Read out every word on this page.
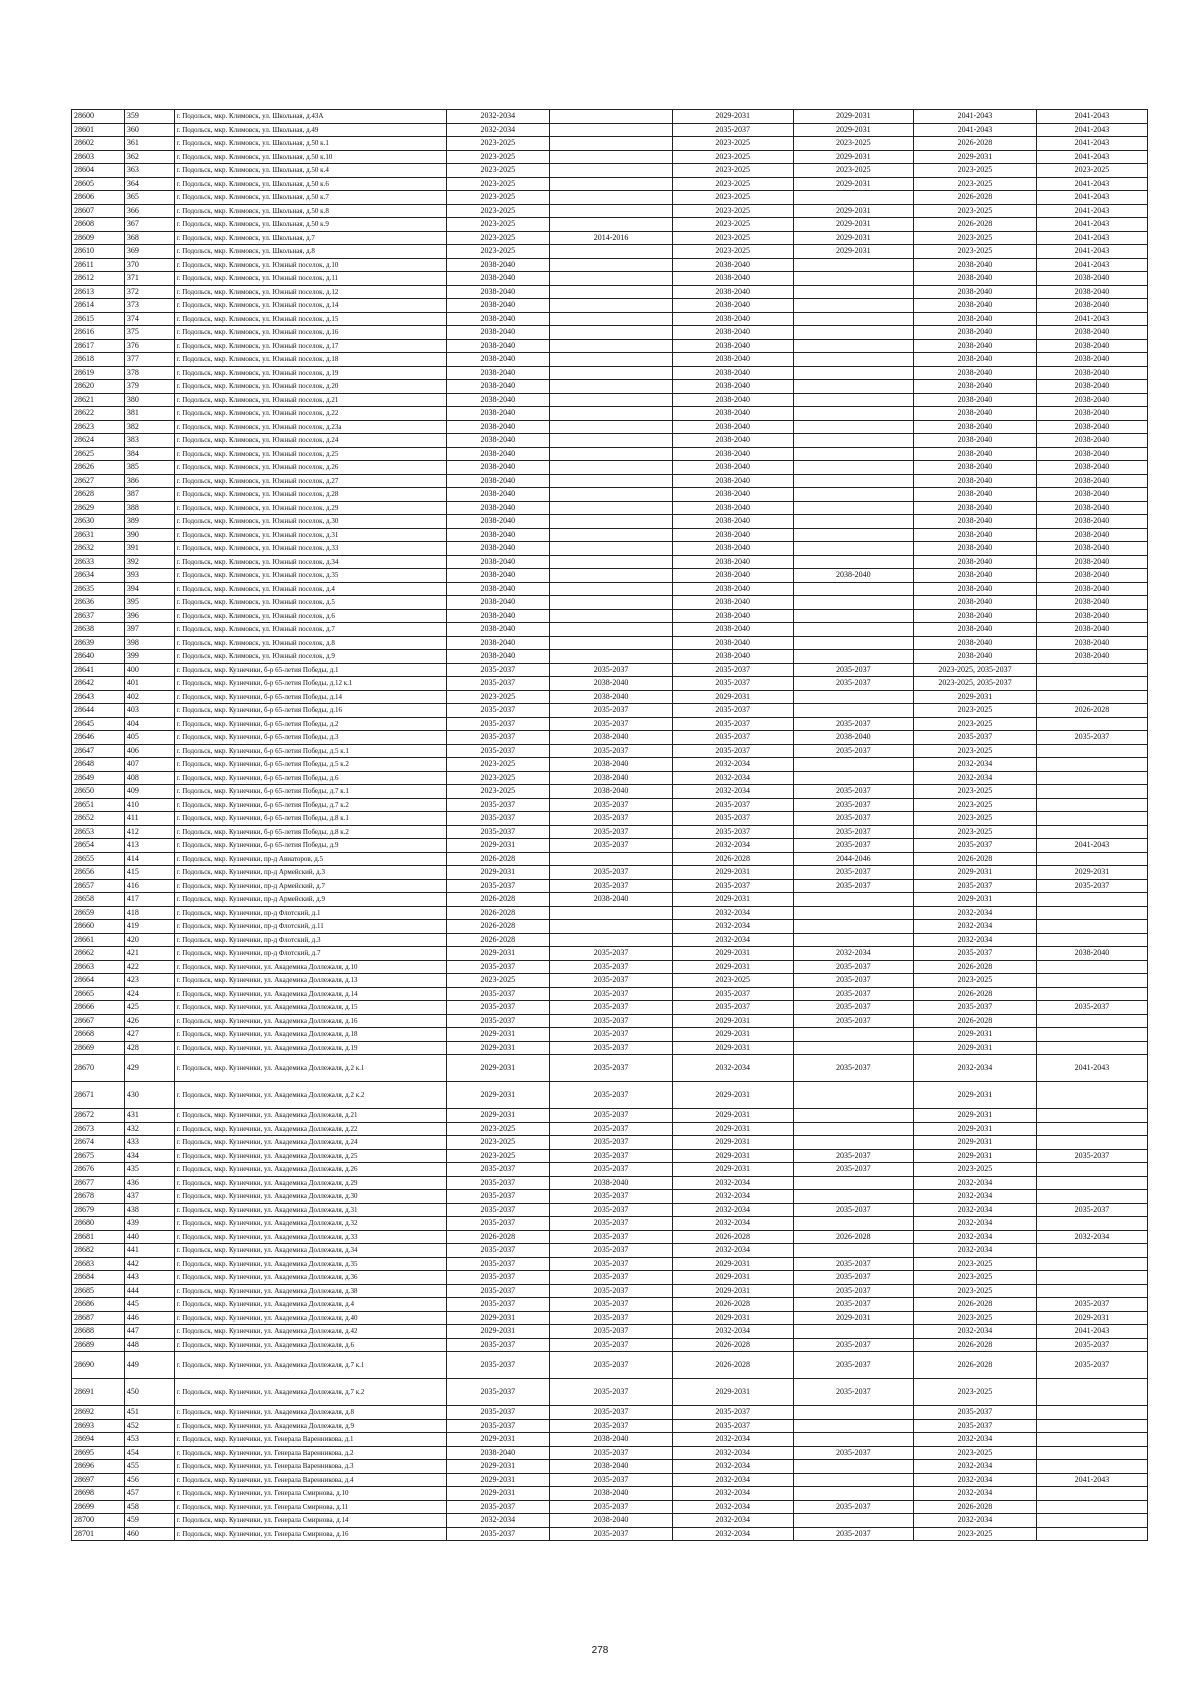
28600	359	г. Подольск, мкр. Климовск, ул. Школьная, д.43А	2032-2034		2029-2031	2029-2031	2041-2043	2041-2043
28601	360	г. Подольск, мкр. Климовск, ул. Школьная, д.49	2032-2034		2035-2037	2029-2031	2041-2043	2041-2043
28602	361	г. Подольск, мкр. Климовск, ул. Школьная, д.50 к.1	2023-2025		2023-2025	2023-2025	2026-2028	2041-2043
28603	362	г. Подольск, мкр. Климовск, ул. Школьная, д.50 к.10	2023-2025		2023-2025	2029-2031	2029-2031	2041-2043
28604	363	г. Подольск, мкр. Климовск, ул. Школьная, д.50 к.4	2023-2025		2023-2025	2023-2025	2023-2025	2023-2025
28605	364	г. Подольск, мкр. Климовск, ул. Школьная, д.50 к.6	2023-2025		2023-2025	2029-2031	2023-2025	2041-2043
28606	365	г. Подольск, мкр. Климовск, ул. Школьная, д.50 к.7	2023-2025		2023-2025		2026-2028	2041-2043
28607	366	г. Подольск, мкр. Климовск, ул. Школьная, д.50 к.8	2023-2025		2023-2025	2029-2031	2023-2025	2041-2043
28608	367	г. Подольск, мкр. Климовск, ул. Школьная, д.50 к.9	2023-2025		2023-2025	2029-2031	2026-2028	2041-2043
28609	368	г. Подольск, мкр. Климовск, ул. Школьная, д.7	2023-2025	2014-2016	2023-2025	2029-2031	2023-2025	2041-2043
28610	369	г. Подольск, мкр. Климовск, ул. Школьная, д.8	2023-2025		2023-2025	2029-2031	2023-2025	2041-2043
28611	370	г. Подольск, мкр. Климовск, ул. Южный поселок, д.10	2038-2040		2038-2040		2038-2040	2041-2043
28612	371	г. Подольск, мкр. Климовск, ул. Южный поселок, д.11	2038-2040		2038-2040		2038-2040	2038-2040
28613	372	г. Подольск, мкр. Климовск, ул. Южный поселок, д.12	2038-2040		2038-2040		2038-2040	2038-2040
28614	373	г. Подольск, мкр. Климовск, ул. Южный поселок, д.14	2038-2040		2038-2040		2038-2040	2038-2040
28615	374	г. Подольск, мкр. Климовск, ул. Южный поселок, д.15	2038-2040		2038-2040		2038-2040	2041-2043
28616	375	г. Подольск, мкр. Климовск, ул. Южный поселок, д.16	2038-2040		2038-2040		2038-2040	2038-2040
28617	376	г. Подольск, мкр. Климовск, ул. Южный поселок, д.17	2038-2040		2038-2040		2038-2040	2038-2040
28618	377	г. Подольск, мкр. Климовск, ул. Южный поселок, д.18	2038-2040		2038-2040		2038-2040	2038-2040
28619	378	г. Подольск, мкр. Климовск, ул. Южный поселок, д.19	2038-2040		2038-2040		2038-2040	2038-2040
28620	379	г. Подольск, мкр. Климовск, ул. Южный поселок, д.20	2038-2040		2038-2040		2038-2040	2038-2040
28621	380	г. Подольск, мкр. Климовск, ул. Южный поселок, д.21	2038-2040		2038-2040		2038-2040	2038-2040
28622	381	г. Подольск, мкр. Климовск, ул. Южный поселок, д.22	2038-2040		2038-2040		2038-2040	2038-2040
28623	382	г. Подольск, мкр. Климовск, ул. Южный поселок, д.23а	2038-2040		2038-2040		2038-2040	2038-2040
28624	383	г. Подольск, мкр. Климовск, ул. Южный поселок, д.24	2038-2040		2038-2040		2038-2040	2038-2040
28625	384	г. Подольск, мкр. Климовск, ул. Южный поселок, д.25	2038-2040		2038-2040		2038-2040	2038-2040
28626	385	г. Подольск, мкр. Климовск, ул. Южный поселок, д.26	2038-2040		2038-2040		2038-2040	2038-2040
28627	386	г. Подольск, мкр. Климовск, ул. Южный поселок, д.27	2038-2040		2038-2040		2038-2040	2038-2040
28628	387	г. Подольск, мкр. Климовск, ул. Южный поселок, д.28	2038-2040		2038-2040		2038-2040	2038-2040
28629	388	г. Подольск, мкр. Климовск, ул. Южный поселок, д.29	2038-2040		2038-2040		2038-2040	2038-2040
28630	389	г. Подольск, мкр. Климовск, ул. Южный поселок, д.30	2038-2040		2038-2040		2038-2040	2038-2040
28631	390	г. Подольск, мкр. Климовск, ул. Южный поселок, д.31	2038-2040		2038-2040		2038-2040	2038-2040
28632	391	г. Подольск, мкр. Климовск, ул. Южный поселок, д.33	2038-2040		2038-2040		2038-2040	2038-2040
28633	392	г. Подольск, мкр. Климовск, ул. Южный поселок, д.34	2038-2040		2038-2040		2038-2040	2038-2040
28634	393	г. Подольск, мкр. Климовск, ул. Южный поселок, д.35	2038-2040		2038-2040	2038-2040	2038-2040	2038-2040
28635	394	г. Подольск, мкр. Климовск, ул. Южный поселок, д.4	2038-2040		2038-2040		2038-2040	2038-2040
28636	395	г. Подольск, мкр. Климовск, ул. Южный поселок, д.5	2038-2040		2038-2040		2038-2040	2038-2040
28637	396	г. Подольск, мкр. Климовск, ул. Южный поселок, д.6	2038-2040		2038-2040		2038-2040	2038-2040
28638	397	г. Подольск, мкр. Климовск, ул. Южный поселок, д.7	2038-2040		2038-2040		2038-2040	2038-2040
28639	398	г. Подольск, мкр. Климовск, ул. Южный поселок, д.8	2038-2040		2038-2040		2038-2040	2038-2040
28640	399	г. Подольск, мкр. Климовск, ул. Южный поселок, д.9	2038-2040		2038-2040		2038-2040	2038-2040
28641	400	г. Подольск, мкр. Кузнечики, б-р 65-летия Победы, д.1	2035-2037	2035-2037	2035-2037	2035-2037	2023-2025, 2035-2037	
28642	401	г. Подольск, мкр. Кузнечики, б-р 65-летия Победы, д.12 к.1	2035-2037	2038-2040	2035-2037	2035-2037	2023-2025, 2035-2037	
28643	402	г. Подольск, мкр. Кузнечики, б-р 65-летия Победы, д.14	2023-2025	2038-2040	2029-2031		2029-2031	
28644	403	г. Подольск, мкр. Кузнечики, б-р 65-летия Победы, д.16	2035-2037	2035-2037	2035-2037		2023-2025	2026-2028
28645	404	г. Подольск, мкр. Кузнечики, б-р 65-летия Победы, д.2	2035-2037	2035-2037	2035-2037	2035-2037	2023-2025	
28646	405	г. Подольск, мкр. Кузнечики, б-р 65-летия Победы, д.3	2035-2037	2038-2040	2035-2037	2038-2040	2035-2037	2035-2037
28647	406	г. Подольск, мкр. Кузнечики, б-р 65-летия Победы, д.5 к.1	2035-2037	2035-2037	2035-2037	2035-2037	2023-2025	
28648	407	г. Подольск, мкр. Кузнечики, б-р 65-летия Победы, д.5 к.2	2023-2025	2038-2040	2032-2034		2032-2034	
28649	408	г. Подольск, мкр. Кузнечики, б-р 65-летия Победы, д.6	2023-2025	2038-2040	2032-2034		2032-2034	
28650	409	г. Подольск, мкр. Кузнечики, б-р 65-летия Победы, д.7 к.1	2023-2025	2038-2040	2032-2034	2035-2037	2023-2025	
28651	410	г. Подольск, мкр. Кузнечики, б-р 65-летия Победы, д.7 к.2	2035-2037	2035-2037	2035-2037	2035-2037	2023-2025	
28652	411	г. Подольск, мкр. Кузнечики, б-р 65-летия Победы, д.8 к.1	2035-2037	2035-2037	2035-2037	2035-2037	2023-2025	
28653	412	г. Подольск, мкр. Кузнечики, б-р 65-летия Победы, д.8 к.2	2035-2037	2035-2037	2035-2037	2035-2037	2023-2025	
28654	413	г. Подольск, мкр. Кузнечики, б-р 65-летия Победы, д.9	2029-2031	2035-2037	2032-2034	2035-2037	2035-2037	2041-2043
28655	414	г. Подольск, мкр. Кузнечики, пр-д Авиаторов, д.5	2026-2028		2026-2028	2044-2046	2026-2028	
28656	415	г. Подольск, мкр. Кузнечики, пр-д Армейский, д.3	2029-2031	2035-2037	2029-2031	2035-2037	2029-2031	2029-2031
28657	416	г. Подольск, мкр. Кузнечики, пр-д Армейский, д.7	2035-2037	2035-2037	2035-2037	2035-2037	2035-2037	2035-2037
28658	417	г. Подольск, мкр. Кузнечики, пр-д Армейский, д.9	2026-2028	2038-2040	2029-2031		2029-2031	
28659	418	г. Подольск, мкр. Кузнечики, пр-д Флотский, д.1	2026-2028		2032-2034		2032-2034	
28660	419	г. Подольск, мкр. Кузнечики, пр-д Флотский, д.11	2026-2028		2032-2034		2032-2034	
28661	420	г. Подольск, мкр. Кузнечики, пр-д Флотский, д.3	2026-2028		2032-2034		2032-2034	
28662	421	г. Подольск, мкр. Кузнечики, пр-д Флотский, д.7	2029-2031	2035-2037	2029-2031	2032-2034	2035-2037	2038-2040
28663	422	г. Подольск, мкр. Кузнечики, ул. Академика Доллежаля, д.10	2035-2037	2035-2037	2029-2031	2035-2037	2026-2028	
28664	423	г. Подольск, мкр. Кузнечики, ул. Академика Доллежаля, д.13	2023-2025	2035-2037	2023-2025	2035-2037	2023-2025	
28665	424	г. Подольск, мкр. Кузнечики, ул. Академика Доллежаля, д.14	2035-2037	2035-2037	2035-2037	2035-2037	2026-2028	
28666	425	г. Подольск, мкр. Кузнечики, ул. Академика Доллежаля, д.15	2035-2037	2035-2037	2035-2037	2035-2037	2035-2037	2035-2037
28667	426	г. Подольск, мкр. Кузнечики, ул. Академика Доллежаля, д.16	2035-2037	2035-2037	2029-2031	2035-2037	2026-2028	
28668	427	г. Подольск, мкр. Кузнечики, ул. Академика Доллежаля, д.18	2029-2031	2035-2037	2029-2031		2029-2031	
28669	428	г. Подольск, мкр. Кузнечики, ул. Академика Доллежаля, д.19	2029-2031	2035-2037	2029-2031		2029-2031	
28670	429	г. Подольск, мкр. Кузнечики, ул. Академика Доллежаля, д.2 к.1	2029-2031	2035-2037	2032-2034	2035-2037	2032-2034	2041-2043
28671	430	г. Подольск, мкр. Кузнечики, ул. Академика Доллежаля, д.2 к.2	2029-2031	2035-2037	2029-2031		2029-2031	
28672	431	г. Подольск, мкр. Кузнечики, ул. Академика Доллежаля, д.21	2029-2031	2035-2037	2029-2031		2029-2031	
28673	432	г. Подольск, мкр. Кузнечики, ул. Академика Доллежаля, д.22	2023-2025	2035-2037	2029-2031		2029-2031	
28674	433	г. Подольск, мкр. Кузнечики, ул. Академика Доллежаля, д.24	2023-2025	2035-2037	2029-2031		2029-2031	
28675	434	г. Подольск, мкр. Кузнечики, ул. Академика Доллежаля, д.25	2023-2025	2035-2037	2029-2031	2035-2037	2029-2031	2035-2037
28676	435	г. Подольск, мкр. Кузнечики, ул. Академика Доллежаля, д.26	2035-2037	2035-2037	2029-2031	2035-2037	2023-2025	
28677	436	г. Подольск, мкр. Кузнечики, ул. Академика Доллежаля, д.29	2035-2037	2038-2040	2032-2034		2032-2034	
28678	437	г. Подольск, мкр. Кузнечики, ул. Академика Доллежаля, д.30	2035-2037	2035-2037	2032-2034		2032-2034	
28679	438	г. Подольск, мкр. Кузнечики, ул. Академика Доллежаля, д.31	2035-2037	2035-2037	2032-2034	2035-2037	2032-2034	2035-2037
28680	439	г. Подольск, мкр. Кузнечики, ул. Академика Доллежаля, д.32	2035-2037	2035-2037	2032-2034		2032-2034	
28681	440	г. Подольск, мкр. Кузнечики, ул. Академика Доллежаля, д.33	2026-2028	2035-2037	2026-2028	2026-2028	2032-2034	2032-2034
28682	441	г. Подольск, мкр. Кузнечики, ул. Академика Доллежаля, д.34	2035-2037	2035-2037	2032-2034		2032-2034	
28683	442	г. Подольск, мкр. Кузнечики, ул. Академика Доллежаля, д.35	2035-2037	2035-2037	2029-2031	2035-2037	2023-2025	
28684	443	г. Подольск, мкр. Кузнечики, ул. Академика Доллежаля, д.36	2035-2037	2035-2037	2029-2031	2035-2037	2023-2025	
28685	444	г. Подольск, мкр. Кузнечики, ул. Академика Доллежаля, д.38	2035-2037	2035-2037	2029-2031	2035-2037	2023-2025	
28686	445	г. Подольск, мкр. Кузнечики, ул. Академика Доллежаля, д.4	2035-2037	2035-2037	2026-2028	2035-2037	2026-2028	2035-2037
28687	446	г. Подольск, мкр. Кузнечики, ул. Академика Доллежаля, д.40	2029-2031	2035-2037	2029-2031	2029-2031	2023-2025	2029-2031
28688	447	г. Подольск, мкр. Кузнечики, ул. Академика Доллежаля, д.42	2029-2031	2035-2037	2032-2034		2032-2034	2041-2043
28689	448	г. Подольск, мкр. Кузнечики, ул. Академика Доллежаля, д.6	2035-2037	2035-2037	2026-2028	2035-2037	2026-2028	2035-2037
28690	449	г. Подольск, мкр. Кузнечики, ул. Академика Доллежаля, д.7 к.1	2035-2037	2035-2037	2026-2028	2035-2037	2026-2028	2035-2037
28691	450	г. Подольск, мкр. Кузнечики, ул. Академика Доллежаля, д.7 к.2	2035-2037	2035-2037	2029-2031	2035-2037	2023-2025	
28692	451	г. Подольск, мкр. Кузнечики, ул. Академика Доллежаля, д.8	2035-2037	2035-2037	2035-2037		2035-2037	
28693	452	г. Подольск, мкр. Кузнечики, ул. Академика Доллежаля, д.9	2035-2037	2035-2037	2035-2037		2035-2037	
28694	453	г. Подольск, мкр. Кузнечики, ул. Генерала Варенникова, д.1	2029-2031	2038-2040	2032-2034		2032-2034	
28695	454	г. Подольск, мкр. Кузнечики, ул. Генерала Варенникова, д.2	2038-2040	2035-2037	2032-2034	2035-2037	2023-2025	
28696	455	г. Подольск, мкр. Кузнечики, ул. Генерала Варенникова, д.3	2029-2031	2038-2040	2032-2034		2032-2034	
28697	456	г. Подольск, мкр. Кузнечики, ул. Генерала Варенникова, д.4	2029-2031	2035-2037	2032-2034		2032-2034	2041-2043
28698	457	г. Подольск, мкр. Кузнечики, ул. Генерала Смирнова, д.10	2029-2031	2038-2040	2032-2034		2032-2034	
28699	458	г. Подольск, мкр. Кузнечики, ул. Генерала Смирнова, д.11	2035-2037	2035-2037	2032-2034	2035-2037	2026-2028	
28700	459	г. Подольск, мкр. Кузнечики, ул. Генерала Смирнова, д.14	2032-2034	2038-2040	2032-2034		2032-2034	
28701	460	г. Подольск, мкр. Кузнечики, ул. Генерала Смирнова, д.16	2035-2037	2035-2037	2032-2034	2035-2037	2023-2025	
278
